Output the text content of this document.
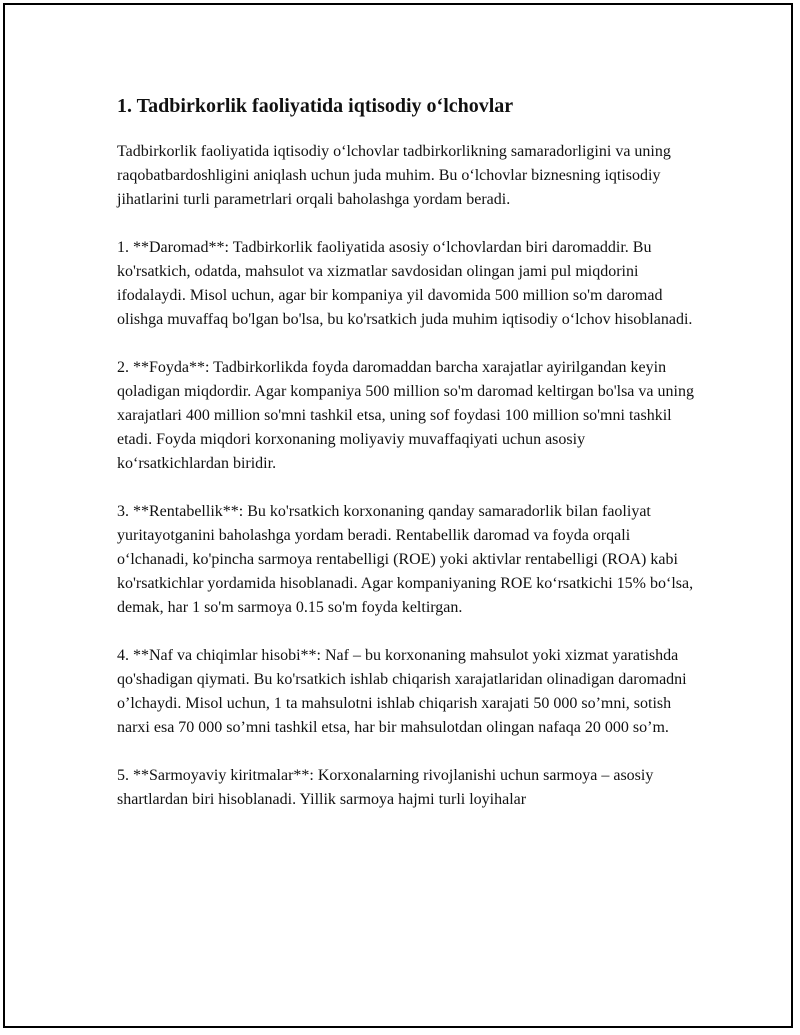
1. Tadbirkorlik faoliyatida iqtisodiy o‘lchovlar

Tadbirkorlik faoliyatida iqtisodiy o‘lchovlar tadbirkorlikning samaradorligini va uning raqobatbardoshligini aniqlash uchun juda muhim. Bu o‘lchovlar biznesning iqtisodiy jihatlarini turli parametrlari orqali baholashga yordam beradi.

1. **Daromad**: Tadbirkorlik faoliyatida asosiy o‘lchovlardan biri daromaddir. Bu ko'rsatkich, odatda, mahsulot va xizmatlar savdosidan olingan jami pul miqdorini ifodalaydi. Misol uchun, agar bir kompaniya yil davomida 500 million so'm daromad olishga muvaffaq bo'lgan bo'lsa, bu ko'rsatkich juda muhim iqtisodiy o‘lchov hisoblanadi.

2. **Foyda**: Tadbirkorlikda foyda daromaddan barcha xarajatlar ayirilgandan keyin qoladigan miqdordir. Agar kompaniya 500 million so'm daromad keltirgan bo'lsa va uning xarajatlari 400 million so'mni tashkil etsa, uning sof foydasi 100 million so'mni tashkil etadi. Foyda miqdori korxonaning moliyaviy muvaffaqiyati uchun asosiy ko‘rsatkichlardan biridir.

3. **Rentabellik**: Bu ko'rsatkich korxonaning qanday samaradorlik bilan faoliyat yuritayotganini baholashga yordam beradi. Rentabellik daromad va foyda orqali o‘lchanadi, ko'pincha sarmoya rentabelligi (ROE) yoki aktivlar rentabelligi (ROA) kabi ko'rsatkichlar yordamida hisoblanadi. Agar kompaniyaning ROE ko‘rsatkichi 15% bo‘lsa, demak, har 1 so'm sarmoya 0.15 so'm foyda keltirgan.

4. **Naf va chiqimlar hisobi**: Naf – bu korxonaning mahsulot yoki xizmat yaratishda qo'shadigan qiymati. Bu ko'rsatkich ishlab chiqarish xarajatlaridan olinadigan daromadni o’lchaydi. Misol uchun, 1 ta mahsulotni ishlab chiqarish xarajati 50 000 so’mni, sotish narxi esa 70 000 so’mni tashkil etsa, har bir mahsulotdan olingan nafaqa 20 000 so’m.

5. **Sarmoyaviy kiritmalar**: Korxonalarning rivojlanishi uchun sarmoya – asosiy shartlardan biri hisoblanadi. Yillik sarmoya hajmi turli loyihalar
